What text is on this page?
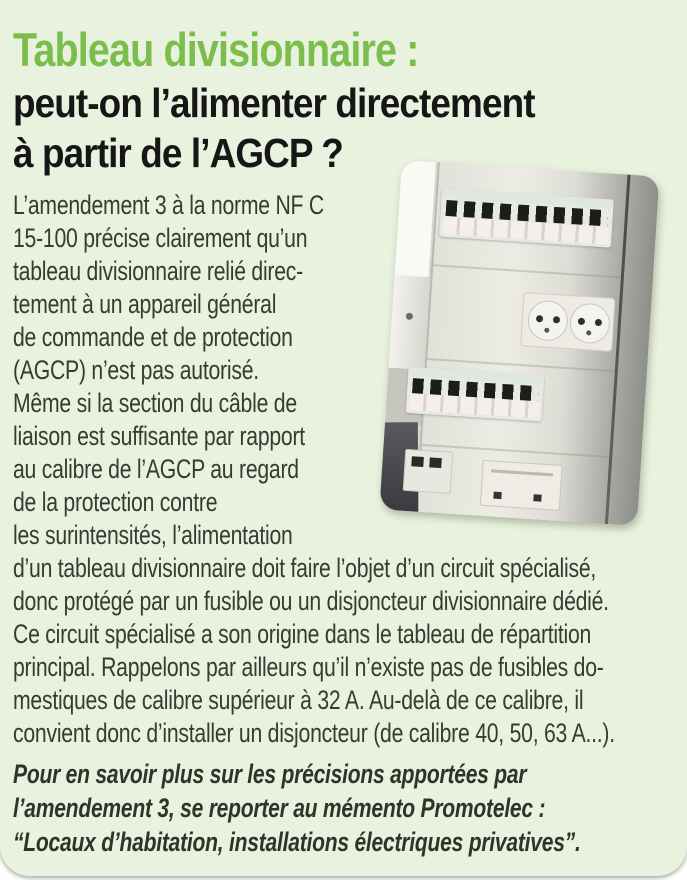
Tableau divisionnaire :
peut-on l’alimenter directement
à partir de l’AGCP ?
L’amendement 3 à la norme NF C
15-100 précise clairement qu’un
tableau divisionnaire relié direc-
tement à un appareil général
de commande et de protection
(AGCP) n’est pas autorisé.
Même si la section du câble de
liaison est suffisante par rapport
au calibre de l’AGCP au regard
de la protection contre
les surintensités, l’alimentation
d’un tableau divisionnaire doit faire l’objet d’un circuit spécialisé,
donc protégé par un fusible ou un disjoncteur divisionnaire dédié.
Ce circuit spécialisé a son origine dans le tableau de répartition
principal. Rappelons par ailleurs qu’il n’existe pas de fusibles do-
mestiques de calibre supérieur à 32 A. Au-delà de ce calibre, il
convient donc d’installer un disjoncteur (de calibre 40, 50, 63 A...).
Pour en savoir plus sur les précisions apportées par
l’amendement 3, se reporter au mémento Promotelec :
“Locaux d’habitation, installations électriques privatives”.
